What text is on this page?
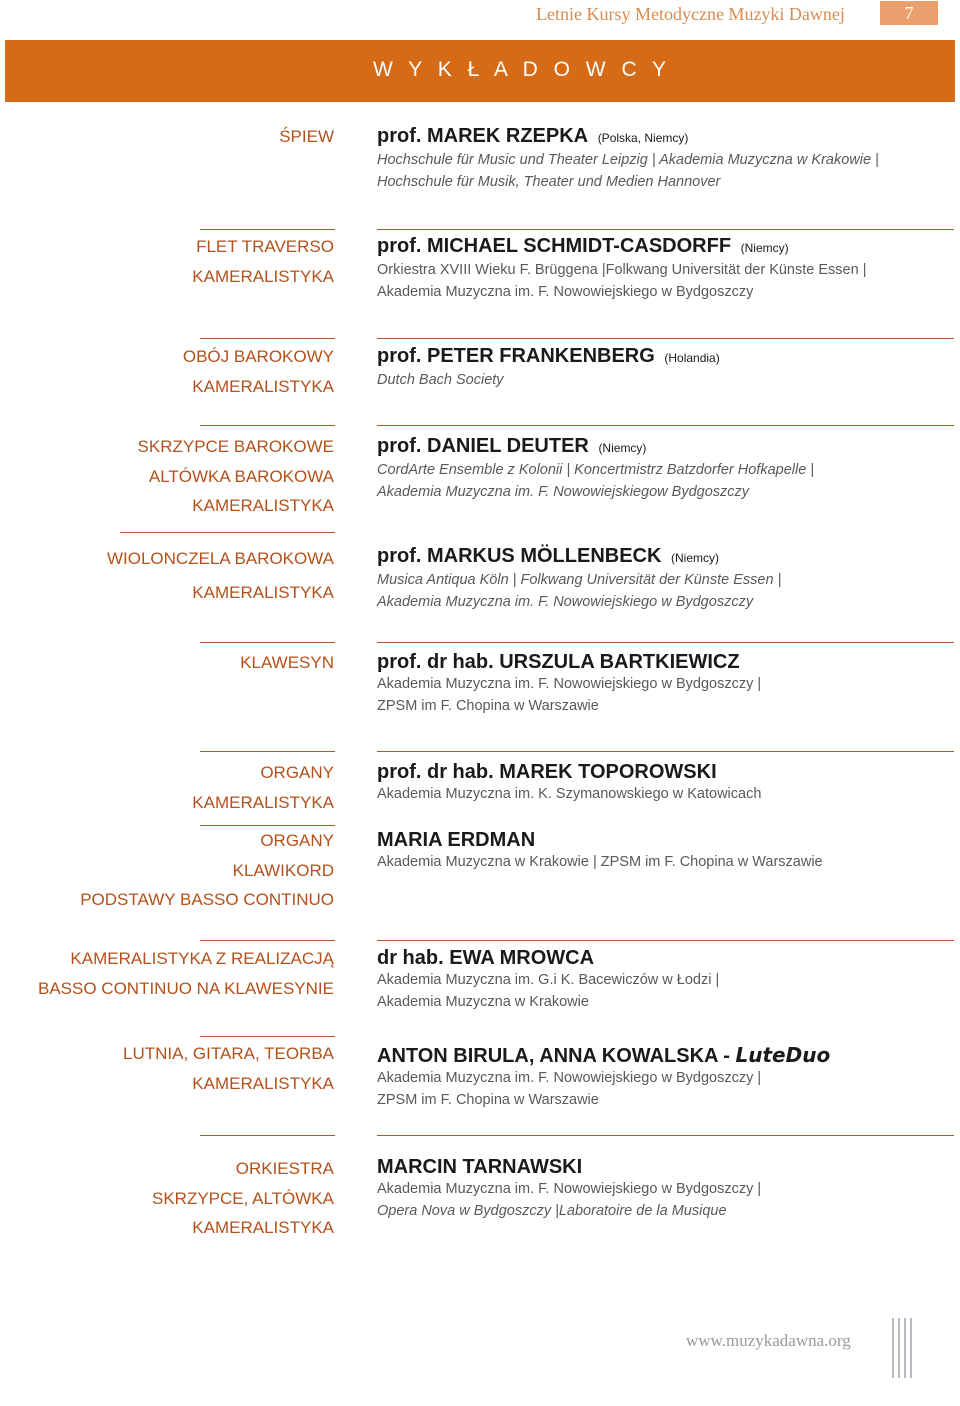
Letnie Kursy Metodyczne Muzyki Dawnej	7
W Y K Ł A D O W C Y
ŚPIEW prof. MAREK RZEPKA (Polska, Niemcy)
Hochschule für Music und Theater Leipzig | Akademia Muzyczna w Krakowie |
Hochschule für Musik, Theater und Medien Hannover
FLET TRAVERSO
KAMERALISTYKA
prof. MICHAEL SCHMIDT-CASDORFF (Niemcy)
Orkiestra XVIII Wieku F. Brüggena |Folkwang Universität der Künste Essen |
Akademia Muzyczna im. F. Nowowiejskiego w Bydgoszczy
OBÓJ BAROKOWY
KAMERALISTYKA
prof. PETER FRANKENBERG (Holandia)
Dutch Bach Society
SKRZYPCE BAROKOWE
ALTÓWKA BAROKOWA
KAMERALISTYKA
prof. DANIEL DEUTER (Niemcy)
CordArte Ensemble z Kolonii | Koncertmistrz Batzdorfer Hofkapelle |
Akademia Muzyczna im. F. Nowowiejskiegow Bydgoszczy
WIOLONCZELA BAROKOWA
KAMERALISTYKA
prof. MARKUS MÖLLENBECK (Niemcy)
Musica Antiqua Köln | Folkwang Universität der Künste Essen |
Akademia Muzyczna im. F. Nowowiejskiego w Bydgoszczy
KLAWESYN prof. dr hab. URSZULA BARTKIEWICZ
Akademia Muzyczna im. F. Nowowiejskiego w Bydgoszczy |
ZPSM im F. Chopina w Warszawie
ORGANY
KAMERALISTYKA
prof. dr hab. MAREK TOPOROWSKI
Akademia Muzyczna im. K. Szymanowskiego w Katowicach
ORGANY
KLAWIKORD
PODSTAWY BASSO CONTINUO
MARIA ERDMAN
Akademia Muzyczna w Krakowie | ZPSM im F. Chopina w Warszawie
KAMERALISTYKA Z REALIZACJĄ
BASSO CONTINUO NA KLAWESYNIE
dr hab. EWA MROWCA
Akademia Muzyczna im. G.i K. Bacewiczów w Łodzi |
Akademia Muzyczna w Krakowie
LUTNIA, GITARA, TEORBA
KAMERALISTYKA
ANTON BIRULA, ANNA KOWALSKA - LuteDuo
Akademia Muzyczna im. F. Nowowiejskiego w Bydgoszczy |
ZPSM im F. Chopina w Warszawie
ORKIESTRA
SKRZYPCE, ALTÓWKA
KAMERALISTYKA
MARCIN TARNAWSKI
Akademia Muzyczna im. F. Nowowiejskiego w Bydgoszczy |
Opera Nova w Bydgoszczy |Laboratoire de la Musique
www.muzykadawna.org
